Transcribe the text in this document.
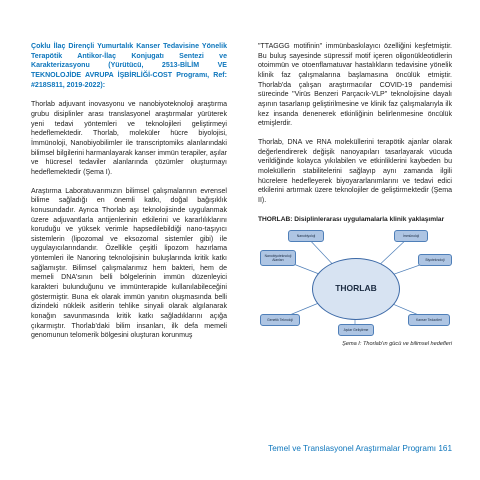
Çoklu İlaç Dirençli Yumurtalık Kanser Tedavisine Yönelik Terapötik Antikor-İlaç Konjugatı Sentezi ve Karakterizasyonu (Yürütücü, 2513-BİLİM VE TEKNOLOJİDE AVRUPA İŞBİRLİĞİ-COST Programı, Ref: #218S811, 2019-2022):

Thorlab adjuvant inovasyonu ve nanobiyoteknoloji araştırma grubu disiplinler arası translasyonel araştırmalar yürüterek yeni tedavi yöntemleri ve teknolojileri geliştirmeyi hedeflemektedir. Thorlab, moleküler hücre biyolojisi, İmmünoloji, Nanobiyobilimler ile transcriptomiks alanlarındaki bilimsel bilgilerini harmanlayarak kanser immün terapiler, aşılar ve hücresel tedaviler alanlarında çözümler oluşturmayı hedeflemektedir (Şema I).

Araştırma Laboratuvarımızın bilimsel çalışmalarının evrensel bilime sağladığı en önemli katkı, doğal bağışıklık konusundadır. Ayrıca Thorlab aşı teknolojisinde uygulanmak üzere adjuvantlarla antijenlerinin etkilerini ve kararlılıklarını koruduğu ve yüksek verimle hapsedilebildiği nano-taşıyıcı sistemlerin (lipozomal ve eksozomal sistemler gibi) ile uygulayıcılarındandır. Özellikle çeşitli lipozom hazırlama yöntemleri ile Nanoring teknolojisinin buluşlarında kritik katkı sağlamıştır. Bilimsel çalışmalarımız hem bakteri, hem de memeli DNA'sının belli bölgelerinin immün düzenleyici karakteri bulunduğunu ve immünterapide kullanılabileceğini göstermiştir. Buna ek olarak immün yanıtın oluşmasında belli dizindeki nükleik asitlerin tehlike sinyali olarak algılanarak konağın savunmasında kritik katkı sağladıklarını açığa çıkarmıştır. Thorlab'daki bilim insanları, ilk defa memeli genomunun telomerik bölgesini oluşturan korunmuş

"TTAGGG motifinin" immünbaskılayıcı özelliğini keşfetmiştir. Bu buluş sayesinde süpressif motif içeren oligonükleotidlerin otoimmün ve otoenflamatuvar hastalıkların tedavisine yönelik klinik faz çalışmalarına başlamasına öncülük etmiştir. Thorlab'da çalışan araştırmacılar COVID-19 pandemisi sürecinde "Virüs Benzeri Parçacık-VLP" teknolojisine dayalı aşının tasarlanıp geliştirilmesine ve klinik faz çalışmalarıyla ilk kez insanda denenerek etkinliğinin belirlenmesine öncülük etmişlerdir.

Thorlab, DNA ve RNA moleküllerini terapötik ajanlar olarak değerlendirerek değişik nanoyapıları tasarlayarak vücuda verildiğinde kolayca yıkılabilen ve etkinliklerini kaybeden bu moleküllerin stabilitelerini sağlayıp aynı zamanda ilgili hücrelere hedefleyerek biyoyararlanımlarını ve tedavi edici etkilerini artırmak üzere teknolojiler de geliştirmektedir (Şema II).

THORLAB: Disiplinlerarası uygulamalarla klinik yaklaşımlar
Nanobiyoloji	İmmünoloji
Nanobiyoteknoloji Alanları	Biyoteknoloji
Genetik Teknoloji
Aşılar Geliştirme
Kanser Tedavileri
THORLAB
Şema I: Thorlab'ın gücü ve bilimsel hedefleri
Temel ve Translasyonel Araştırmalar Programı 161
